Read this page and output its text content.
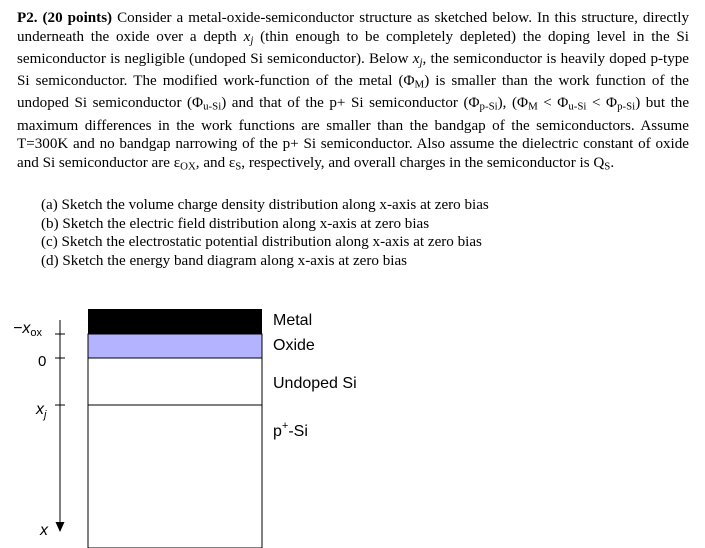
P2. (20 points) Consider a metal-oxide-semiconductor structure as sketched below. In this structure, directly underneath the oxide over a depth $x_j$ (thin enough to be completely depleted) the doping level in the Si semiconductor is negligible (undoped Si semiconductor). Below $x_j$, the semiconductor is heavily doped p-type Si semiconductor. The modified work-function of the metal $(\Phi_M)$ is smaller than the work function of the undoped Si semiconductor $(\Phi_{u-Si})$ and that of the p+ Si semiconductor $(\Phi_{p-Si})$, $(\Phi_M < \Phi_{u-Si} < \Phi_{p-Si})$ but the maximum differences in the work functions are smaller than the bandgap of the semiconductors. Assume T=300K and no bandgap narrowing of the p+ Si semiconductor. Also assume the dielectric constant of oxide and Si semiconductor are $\varepsilon_{OX}$, and $\varepsilon_S$, respectively, and overall charges in the semiconductor is $Q_S$.

(a) Sketch the volume charge density distribution along x-axis at zero bias
(b) Sketch the electric field distribution along x-axis at zero bias
(c) Sketch the electrostatic potential distribution along x-axis at zero bias
(d) Sketch the energy band diagram along x-axis at zero bias
Metal
Oxide
Undoped Si
p+-Si
−xox
0
$x_j$
x
